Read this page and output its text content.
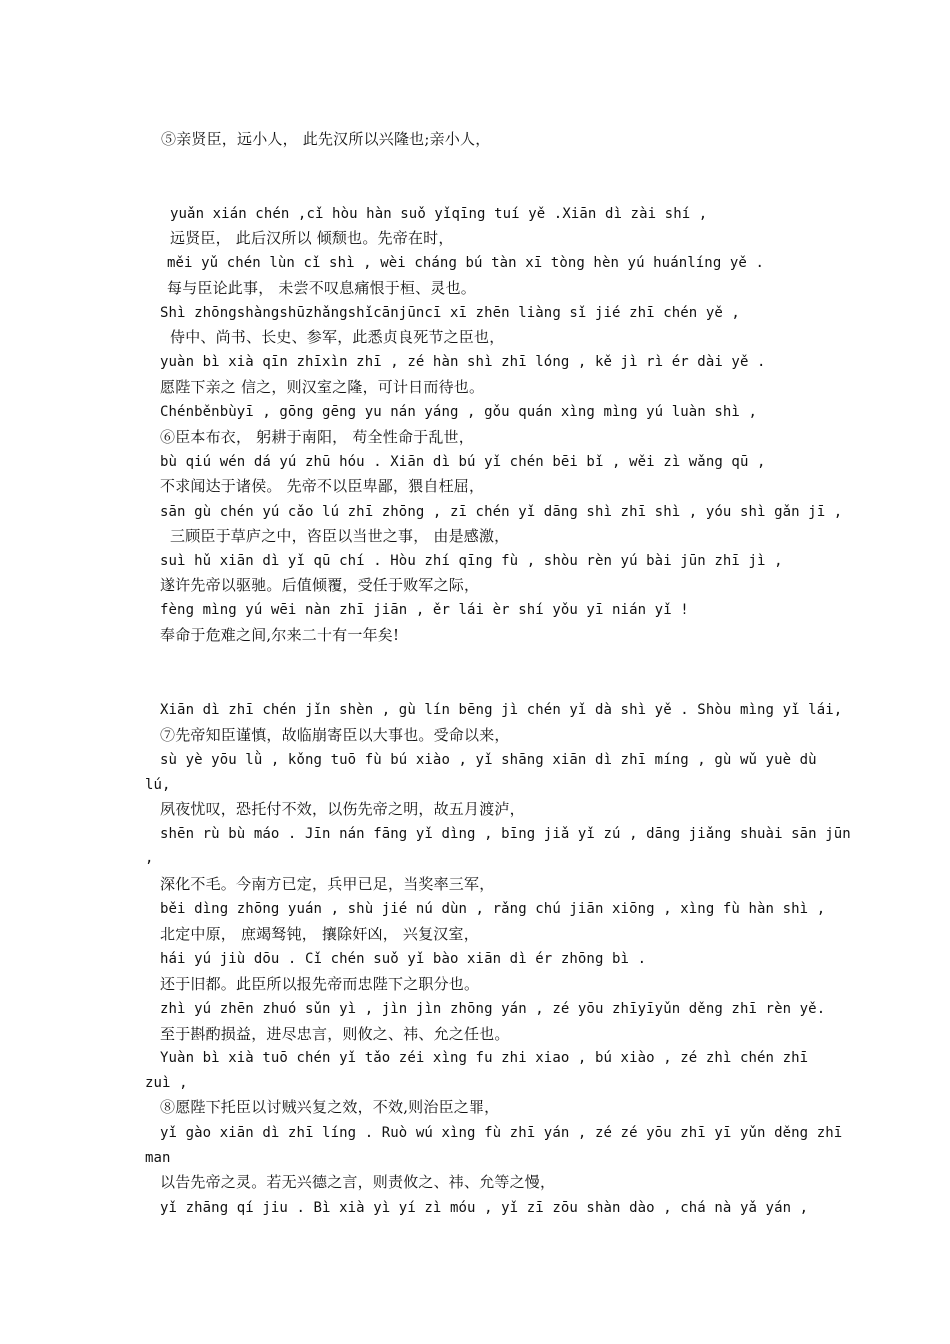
⑤亲贤臣，远小人， 此先汉所以兴隆也;亲小人，
yuǎn xián chén ,cǐ hòu hàn suǒ yǐqīng tuí yě .Xiān dì zài shí ,
远贤臣， 此后汉所以 倾颓也。先帝在时，
měi yǔ chén lùn cǐ shì , wèi cháng bú tàn xī tòng hèn yú huánlíng yě .
每与臣论此事， 未尝不叹息痛恨于桓、灵也。
Shì zhōngshàngshūzhǎngshǐcānjūncī xī zhēn liàng sǐ jié zhī chén yě ,
侍中、尚书、长史、参军，此悉贞良死节之臣也，
yuàn bì xià qīn zhīxìn zhī , zé hàn shì zhī lóng , kě jì rì ér dài yě .
愿陛下亲之 信之，则汉室之隆，可计日而待也。
Chénběnbùyī , gōng gēng yu nán yáng , gǒu quán xìng mìng yú luàn shì ,
⑥臣本布衣， 躬耕于南阳， 苟全性命于乱世，
bù qiú wén dá yú zhū hóu . Xiān dì bú yǐ chén bēi bǐ , wěi zì wǎng qū ,
不求闻达于诸侯。 先帝不以臣卑鄙，猥自枉屈，
sān gù chén yú cǎo lú zhī zhōng , zī chén yǐ dāng shì zhī shì , yóu shì gǎn jī ,
三顾臣于草庐之中，咨臣以当世之事， 由是感激，
suì hǔ xiān dì yǐ qū chí . Hòu zhí qīng fù , shòu rèn yú bài jūn zhī jì ,
遂许先帝以驱驰。后值倾覆，受任于败军之际，
fèng mìng yú wēi nàn zhī jiān , ěr lái èr shí yǒu yī nián yǐ !
奉命于危难之间,尔来二十有一年矣!
Xiān dì zhī chén jǐn shèn , gù lín bēng jì chén yǐ dà shì yě . Shòu mìng yǐ lái,
⑦先帝知臣谨慎，故临崩寄臣以大事也。受命以来，
sù yè yōu lǜ , kǒng tuō fù bú xiào , yǐ shāng xiān dì zhī míng , gù wǔ yuè dù
lú,
夙夜忧叹，恐托付不效，以伤先帝之明，故五月渡泸，
shēn rù bù máo . Jīn nán fāng yǐ dìng , bīng jiǎ yǐ zú , dāng jiǎng shuài sān jūn
,
深化不毛。今南方已定，兵甲已足，当奖率三军，
běi dìng zhōng yuán , shù jié nú dùn , rǎng chú jiān xiōng , xìng fù hàn shì ,
北定中原， 庶竭驽钝， 攘除奸凶， 兴复汉室，
hái yú jiù dōu . Cǐ chén suǒ yǐ bào xiān dì ér zhōng bì .
还于旧都。此臣所以报先帝而忠陛下之职分也。
zhì yú zhēn zhuó sǔn yì , jìn jìn zhōng yán , zé yōu zhīyīyǔn děng zhī rèn yě.
至于斟酌损益，进尽忠言，则攸之、祎、允之任也。
Yuàn bì xià tuō chén yǐ tǎo zéi xìng fu zhi xiao , bú xiào , zé zhì chén zhī
zuì ,
⑧愿陛下托臣以讨贼兴复之效，不效,则治臣之罪，
yǐ gào xiān dì zhī líng . Ruò wú xìng fù zhī yán , zé zé yōu zhī yī yǔn děng zhī
man
以告先帝之灵。若无兴德之言，则责攸之、祎、允等之慢，
yǐ zhāng qí jiu . Bì xià yì yí zì móu , yǐ zī zōu shàn dào , chá nà yǎ yán ,
